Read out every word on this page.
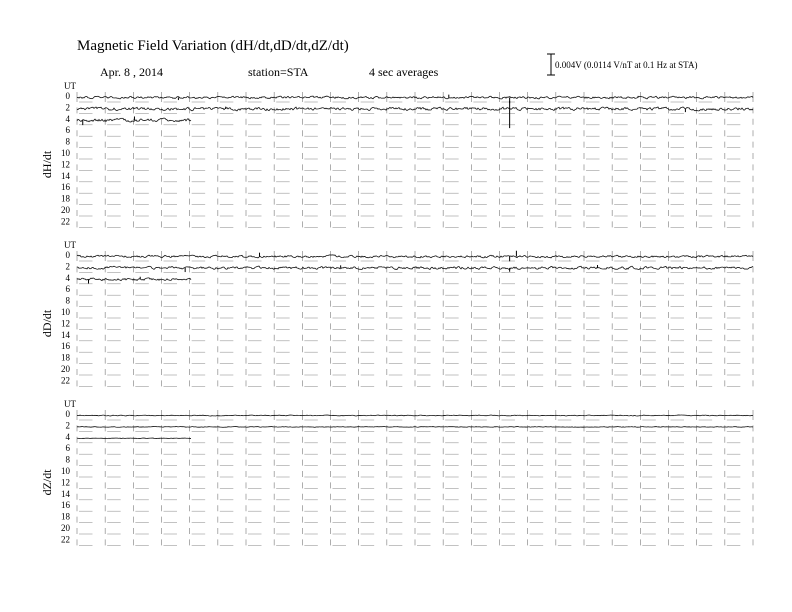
Magnetic Field Variation (dH/dt,dD/dt,dZ/dt)
Apr. 8 , 2014	station=STA	4 sec averages	0.004V (0.0114 V/nT at 0.1 Hz at STA)
UT
dH/dt
0
2
4
6
8
10
12
14
16
18
20
22
UT
dD/dt
0
2
4
6
8
10
12
14
16
18
20
22
UT
dZ/dt
0
2
4
6
8
10
12
14
16
18
20
22
